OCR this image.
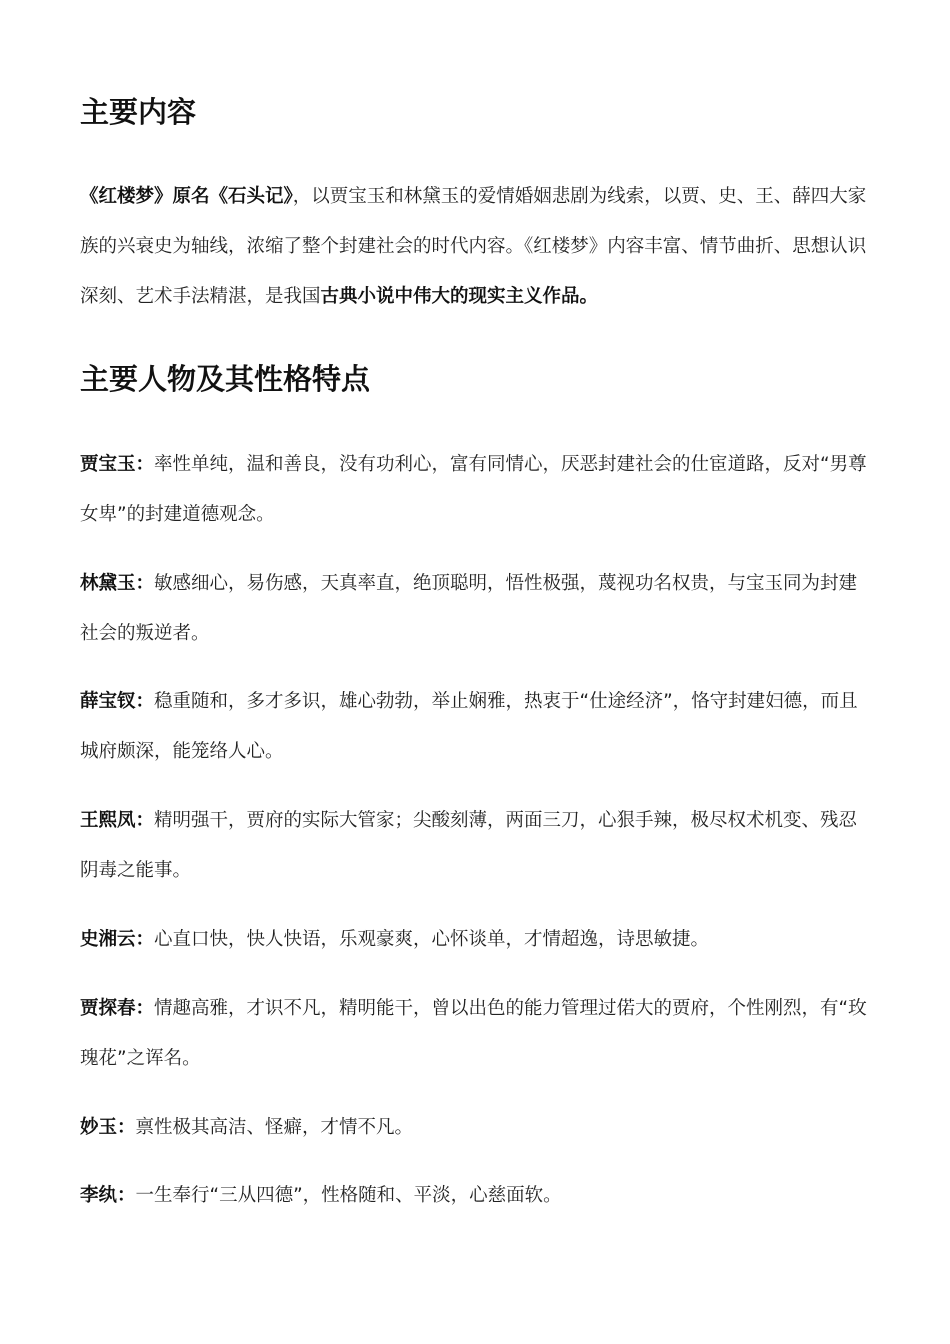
主要内容

《红楼梦》原名《石头记》，以贾宝玉和林黛玉的爱情婚姻悲剧为线索，以贾、史、王、薛四大家族的兴衰史为轴线，浓缩了整个封建社会的时代内容。《红楼梦》内容丰富、情节曲折、思想认识深刻、艺术手法精湛，是我国古典小说中伟大的现实主义作品。

主要人物及其性格特点

贾宝玉：率性单纯，温和善良，没有功利心，富有同情心，厌恶封建社会的仕宦道路，反对“男尊女卑”的封建道德观念。

林黛玉：敏感细心，易伤感，天真率直，绝顶聪明，悟性极强，蔑视功名权贵，与宝玉同为封建社会的叛逆者。

薛宝钗：稳重随和，多才多识，雄心勃勃，举止娴雅，热衷于“仕途经济”，恪守封建妇德，而且城府颇深，能笼络人心。

王熙凤：精明强干，贾府的实际大管家；尖酸刻薄，两面三刀，心狠手辣，极尽权术机变、残忍阴毒之能事。

史湘云：心直口快，快人快语，乐观豪爽，心怀谈单，才情超逸，诗思敏捷。

贾探春：情趣高雅，才识不凡，精明能干，曾以出色的能力管理过偌大的贾府，个性刚烈，有“玫瑰花”之诨名。

妙玉：禀性极其高洁、怪癖，才情不凡。

李纨：一生奉行“三从四德”，性格随和、平淡，心慈面软。
